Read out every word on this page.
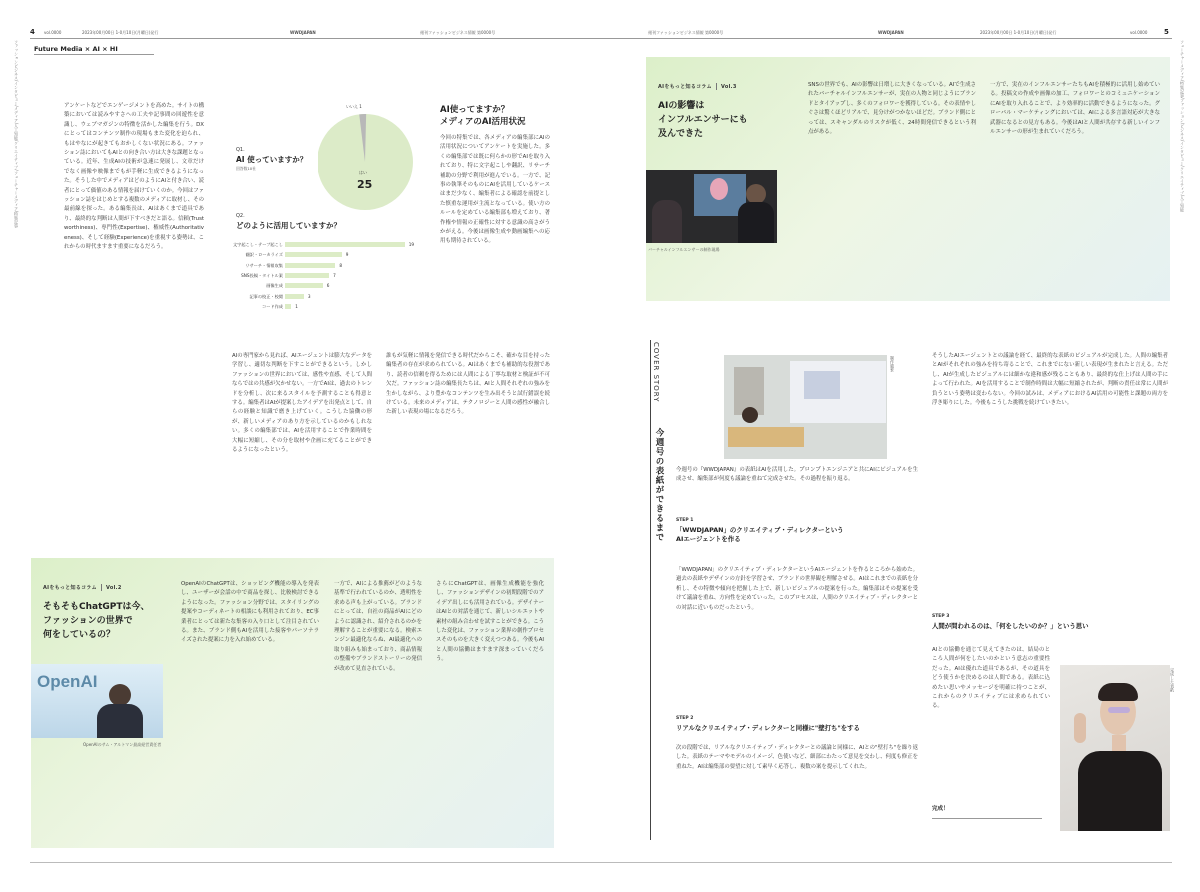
4 vol.0000	2023年00月00日 1-0月10日(月曜日)発行	WWDJAPAN	週刊ファッションビジネス情報 第0000号	週刊ファッションビジネス情報 第0000号	WWDJAPAN	2023年00月00日 1-0月10日(月曜日)発行	vol.0000 5
Future Media × AI × HI
ファッションビジネス/インタビュー/メディア/人工知能/クリエイティブ/フューチャーメディア/特集記事	フューチャーメディア/特集記事/ファッション/ビジネス/インタビュー/クリエイティブ/人工知能
アンケートなどでエンゲージメントを高めた。サイトの構築においては読みやすさへの工夫や記事間の回遊性を意識し、ウェブマガジンの特徴を活かした編集を行う。DXにとってはコンテンツ制作の現場もまた変化を迫られ、もはやなにが起きてもおかしくない状況にある。ファッション誌においてもAIとの向き合い方は大きな課題となっている。近年、生成AIの技術が急速に発展し、文章だけでなく画像や映像までもが手軽に生成できるようになった。そうした中でメディアはどのようにAIと付き合い、読者にとって価値のある情報を届けていくのか。今回はファッション誌をはじめとする複数のメディアに取材し、その最前線を探った。ある編集長は、AIはあくまで道具であり、最終的な判断は人間が下すべきだと語る。信頼(Trustworthiness)、専門性(Expertise)、権威性(Authoritativeness)、そして経験(Experience)を重視する姿勢は、これからの時代ますます重要になるだろう。
Q1.
AI 使っていますか？
回答数10社
いいえ 1
はい
25
Q2.
どのように活用していますか？
文字起こし・テープ起こし	19
翻訳・ローカライズ	9
リサーチ・情報収集	8
SNS投稿・タイトル案	7
画像生成	6
記事の校正・校閲	3
コード作成	1
AI使ってますか？
メディアのAI活用状況
今回の特集では、各メディアの編集部にAIの活用状況についてアンケートを実施した。多くの編集部では既に何らかの形でAIを取り入れており、特に文字起こしや翻訳、リサーチ補助の分野で利用が進んでいる。一方で、記事の執筆そのものにAIを活用しているケースはまだ少なく、編集者による確認を前提とした慎重な運用が主流となっている。使い方のルールを定めている編集部も増えており、著作権や情報の正確性に対する意識の高さがうかがえる。今後は画像生成や動画編集への応用も期待されている。
AIの専門家から見れば、AIエージェントは膨大なデータを学習し、適切な判断を下すことができるという。しかしファッションの世界においては、感性や直感、そして人間ならではの共感が欠かせない。一方でAIは、過去のトレンドを分析し、次に来るスタイルを予測することも得意とする。編集者はAIが提案したアイデアを出発点として、自らの経験と知識で磨き上げていく。こうした協働の形が、新しいメディアのあり方を示しているのかもしれない。多くの編集部では、AIを活用することで作業時間を大幅に短縮し、その分を取材や企画に充てることができるようになったという。
誰もが気軽に情報を発信できる時代だからこそ、確かな目を持った編集者の存在が求められている。AIはあくまでも補助的な役割であり、読者の信頼を得るためには人間による丁寧な取材と検証が不可欠だ。ファッション誌の編集長たちは、AIと人間それぞれの強みを生かしながら、より豊かなコンテンツを生み出そうと試行錯誤を続けている。未来のメディアは、テクノロジーと人間の感性が融合した新しい表現の場になるだろう。
AIをもっと知るコラム Vol.2
そもそもChatGPTは今、
ファッションの世界で
何をしているの？
OpenAI
OpenAIのサム・アルトマン最高経営責任者
OpenAIのChatGPTは、ショッピング機能の導入を発表し、ユーザーが会話の中で商品を探し、比較検討できるようになった。ファッション分野では、スタイリングの提案やコーディネートの相談にも利用されており、EC事業者にとっては新たな集客の入り口として注目されている。また、ブランド側もAIを活用した接客やパーソナライズされた提案に力を入れ始めている。
一方で、AIによる推薦がどのような基準で行われているのか、透明性を求める声も上がっている。ブランドにとっては、自社の商品がAIにどのように認識され、紹介されるのかを理解することが重要になる。検索エンジン最適化ならぬ、AI最適化への取り組みも始まっており、商品情報の整備やブランドストーリーの発信が改めて見直されている。
さらにChatGPTは、画像生成機能を強化し、ファッションデザインの初期段階でのアイデア出しにも活用されている。デザイナーはAIとの対話を通じて、新しいシルエットや素材の組み合わせを試すことができる。こうした変化は、ファッション業界の創作プロセスそのものを大きく変えつつある。今後もAIと人間の協働はますます深まっていくだろう。
AIをもっと知るコラム Vol.3
AIの影響は
インフルエンサーにも
及んできた
バーチャルインフルエンサーの制作現場
SNSの世界でも、AIの影響は日増しに大きくなっている。AIで生成されたバーチャルインフルエンサーが、実在の人物と同じようにブランドとタイアップし、多くのフォロワーを獲得している。その表情やしぐさは驚くほどリアルで、見分けがつかないほどだ。ブランド側にとっては、スキャンダルのリスクが低く、24時間発信できるという利点がある。
一方で、実在のインフルエンサーたちもAIを積極的に活用し始めている。投稿文の作成や画像の加工、フォロワーとのコミュニケーションにAIを取り入れることで、より効率的に活動できるようになった。グローバル・マーケティングにおいては、AIによる多言語対応が大きな武器になるとの見方もある。今後はAIと人間が共存する新しいインフルエンサーの形が生まれていくだろう。
COVER STORY
今週号の表紙ができるまで
制作風景
今週号の『WWDJAPAN』の表紙はAIを活用した。プロンプトエンジニアと共にAIにビジュアルを生成させ、編集部が何度も議論を重ねて完成させた。その過程を振り返る。
STEP 1
「WWDJAPAN」のクリエイティブ・ディレクターという
AIエージェントを作る
「WWDJAPAN」のクリエイティブ・ディレクターというAIエージェントを作るところから始めた。過去の表紙やデザインの方針を学習させ、ブランドの世界観を理解させる。AIはこれまでの表紙を分析し、その特徴や傾向を把握した上で、新しいビジュアルの提案を行った。編集部はその提案を受けて議論を重ね、方向性を定めていった。このプロセスは、人間のクリエイティブ・ディレクターとの対話に近いものだったという。
STEP 2
リアルなクリエイティブ・ディレクターと同様に"壁打ち"をする
次の段階では、リアルなクリエイティブ・ディレクターとの議論と同様に、AIとの"壁打ち"を繰り返した。表紙のテーマやモデルのイメージ、色使いなど、細部にわたって意見を交わし、何度も修正を重ねた。AIは編集部の要望に対して素早く応答し、複数の案を提示してくれた。
そうしたAIエージェントとの議論を経て、最終的な表紙のビジュアルが完成した。人間の編集者とAIがそれぞれの強みを持ち寄ることで、これまでにない新しい表現が生まれたと言える。ただし、AIが生成したビジュアルには細かな違和感が残ることもあり、最終的な仕上げは人間の手によって行われた。AIを活用することで制作時間は大幅に短縮されたが、判断の責任は常に人間が負うという姿勢は変わらない。今回の試みは、メディアにおけるAI活用の可能性と課題の両方を浮き彫りにした。今後もこうした挑戦を続けていきたい。
STEP 3
人間が問われるのは、「何をしたいのか？」という思い
AIとの協働を通じて見えてきたのは、結局のところ人間が何をしたいのかという意志の重要性だった。AIは優れた道具であるが、その道具をどう使うかを決めるのは人間である。表紙に込めたい思いやメッセージを明確に持つことが、これからのクリエイティブには求められている。
完成！
完成した表紙
